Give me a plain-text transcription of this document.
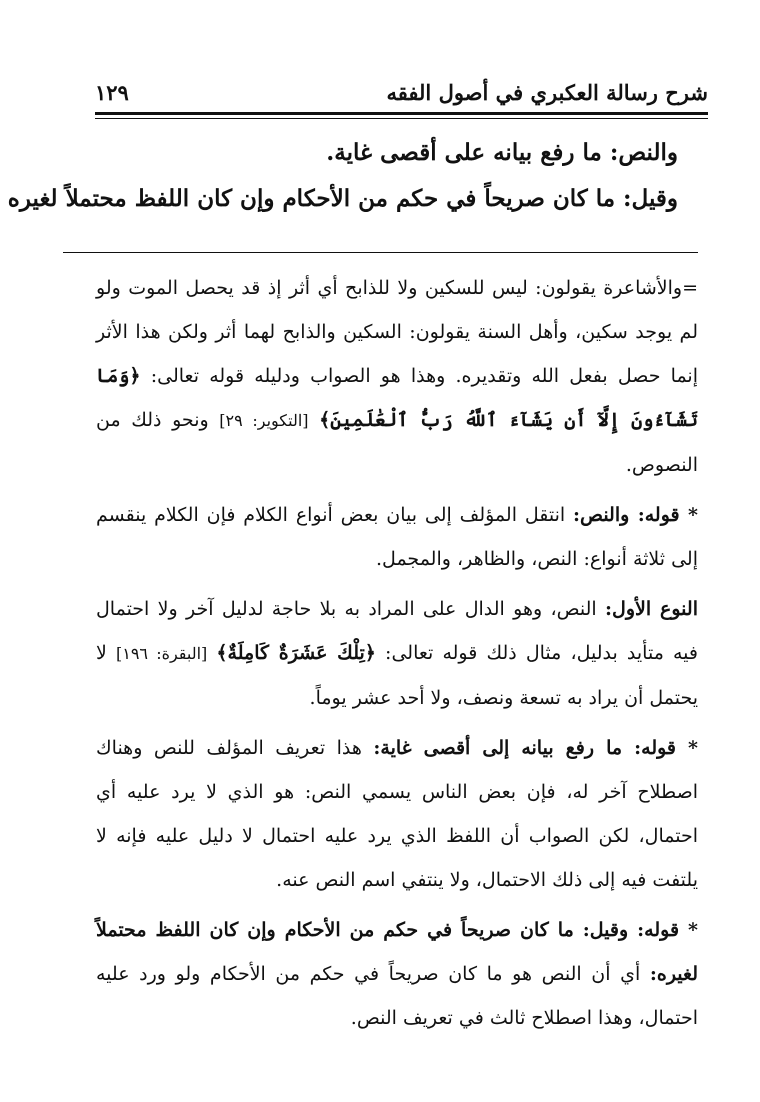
شرح رسالة العكبري في أصول الفقه
١٢٩

والنص: ما رفع بيانه على أقصى غاية.

وقيل: ما كان صريحاً في حكم من الأحكام وإن كان اللفظ محتملاً لغيره

=والأشاعرة يقولون: ليس للسكين ولا للذابح أي أثر إذ قد يحصل الموت ولو لم يوجد سكين، وأهل السنة يقولون: السكين والذابح لهما أثر ولكن هذا الأثر إنما حصل بفعل الله وتقديره. وهذا هو الصواب ودليله قوله تعالى: ﴿وَمَا تَشَآءُونَ إِلَّآ أَن يَشَآءَ ٱللَّهُ رَبُّ ٱلْعَٰلَمِينَ﴾ [التكوير: ٢٩] ونحو ذلك من النصوص.

* قوله: والنص: انتقل المؤلف إلى بيان بعض أنواع الكلام فإن الكلام ينقسم إلى ثلاثة أنواع: النص، والظاهر، والمجمل.

النوع الأول: النص، وهو الدال على المراد به بلا حاجة لدليل آخر ولا احتمال فيه متأيد بدليل، مثال ذلك قوله تعالى: ﴿تِلْكَ عَشَرَةٌ كَامِلَةٌ﴾ [البقرة: ١٩٦] لا يحتمل أن يراد به تسعة ونصف، ولا أحد عشر يوماً.

* قوله: ما رفع بيانه إلى أقصى غاية: هذا تعريف المؤلف للنص وهناك اصطلاح آخر له، فإن بعض الناس يسمي النص: هو الذي لا يرد عليه أي احتمال، لكن الصواب أن اللفظ الذي يرد عليه احتمال لا دليل عليه فإنه لا يلتفت فيه إلى ذلك الاحتمال، ولا ينتفي اسم النص عنه.

* قوله: وقيل: ما كان صريحاً في حكم من الأحكام وإن كان اللفظ محتملاً لغيره: أي أن النص هو ما كان صريحاً في حكم من الأحكام ولو ورد عليه احتمال، وهذا اصطلاح ثالث في تعريف النص.
